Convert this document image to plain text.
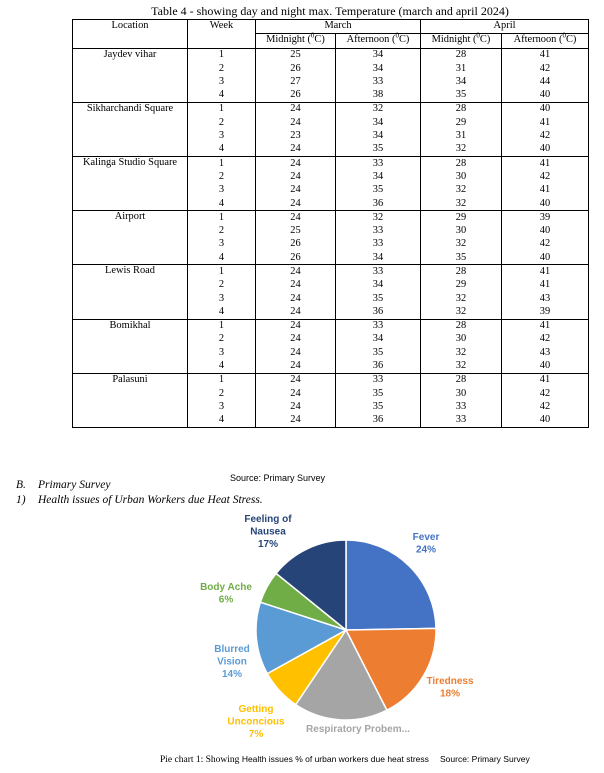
Table 4 - showing day and night max. Temperature (march and april 2024)
Location	Week	March		April	
		Midnight ($^0$C)	Afternoon ($^0$C)	Midnight ($^0$C)	Afternoon ($^0$C)
Jaydev vihar	1	25	34	28	41
	2	26	34	31	42
	3	27	33	34	44
	4	26	38	35	40
Sikharchandi Square	1	24	32	28	40
	2	24	34	29	41
	3	23	34	31	42
	4	24	35	32	40
Kalinga Studio Square	1	24	33	28	41
	2	24	34	30	42
	3	24	35	32	41
	4	24	36	32	40
Airport	1	24	32	29	39
	2	25	33	30	40
	3	26	33	32	42
	4	26	34	35	40
Lewis Road	1	24	33	28	41
	2	24	34	29	41
	3	24	35	32	43
	4	24	36	32	39
Bomikhal	1	24	33	28	41
	2	24	34	30	42
	3	24	35	32	43
	4	24	36	32	40
Palasuni	1	24	33	28	41
	2	24	35	30	42
	3	24	35	33	42
	4	24	36	33	40
Source: Primary Survey
B. Primary Survey
1) Health issues of Urban Workers due Heat Stress.
Fever 24%
Tiredness 18%
Respiratory Probem...
Getting Unconcious 7%
Blurred Vision 14%
Body Ache 6%
Feeling of Nausea 17%
Pie chart 1: Showing Health issues % of urban workers due heat stress Source: Primary Survey
